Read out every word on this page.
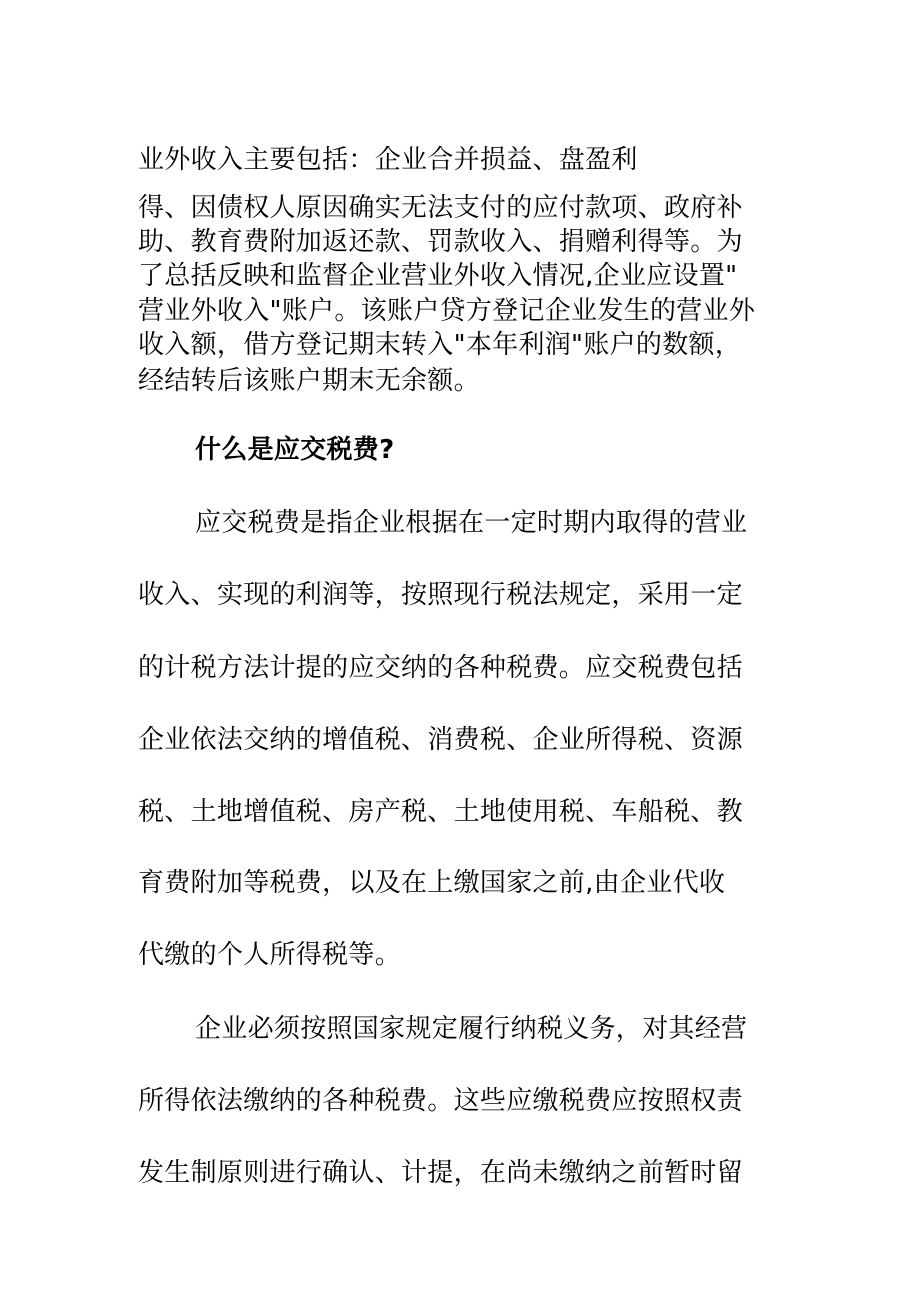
业外收入主要包括：企业合并损益、盘盈利
得、因债权人原因确实无法支付的应付款项、政府补
助、教育费附加返还款、罚款收入、捐赠利得等。为
了总括反映和监督企业营业外收入情况,企业应设置"
营业外收入"账户。该账户贷方登记企业发生的营业外
收入额，借方登记期末转入"本年利润"账户的数额，
经结转后该账户期末无余额。
什么是应交税费?
应交税费是指企业根据在一定时期内取得的营业
收入、实现的利润等，按照现行税法规定，采用一定
的计税方法计提的应交纳的各种税费。应交税费包括
企业依法交纳的增值税、消费税、企业所得税、资源
税、土地增值税、房产税、土地使用税、车船税、教
育费附加等税费，以及在上缴国家之前,由企业代收
代缴的个人所得税等。
企业必须按照国家规定履行纳税义务，对其经营
所得依法缴纳的各种税费。这些应缴税费应按照权责
发生制原则进行确认、计提，在尚未缴纳之前暂时留
